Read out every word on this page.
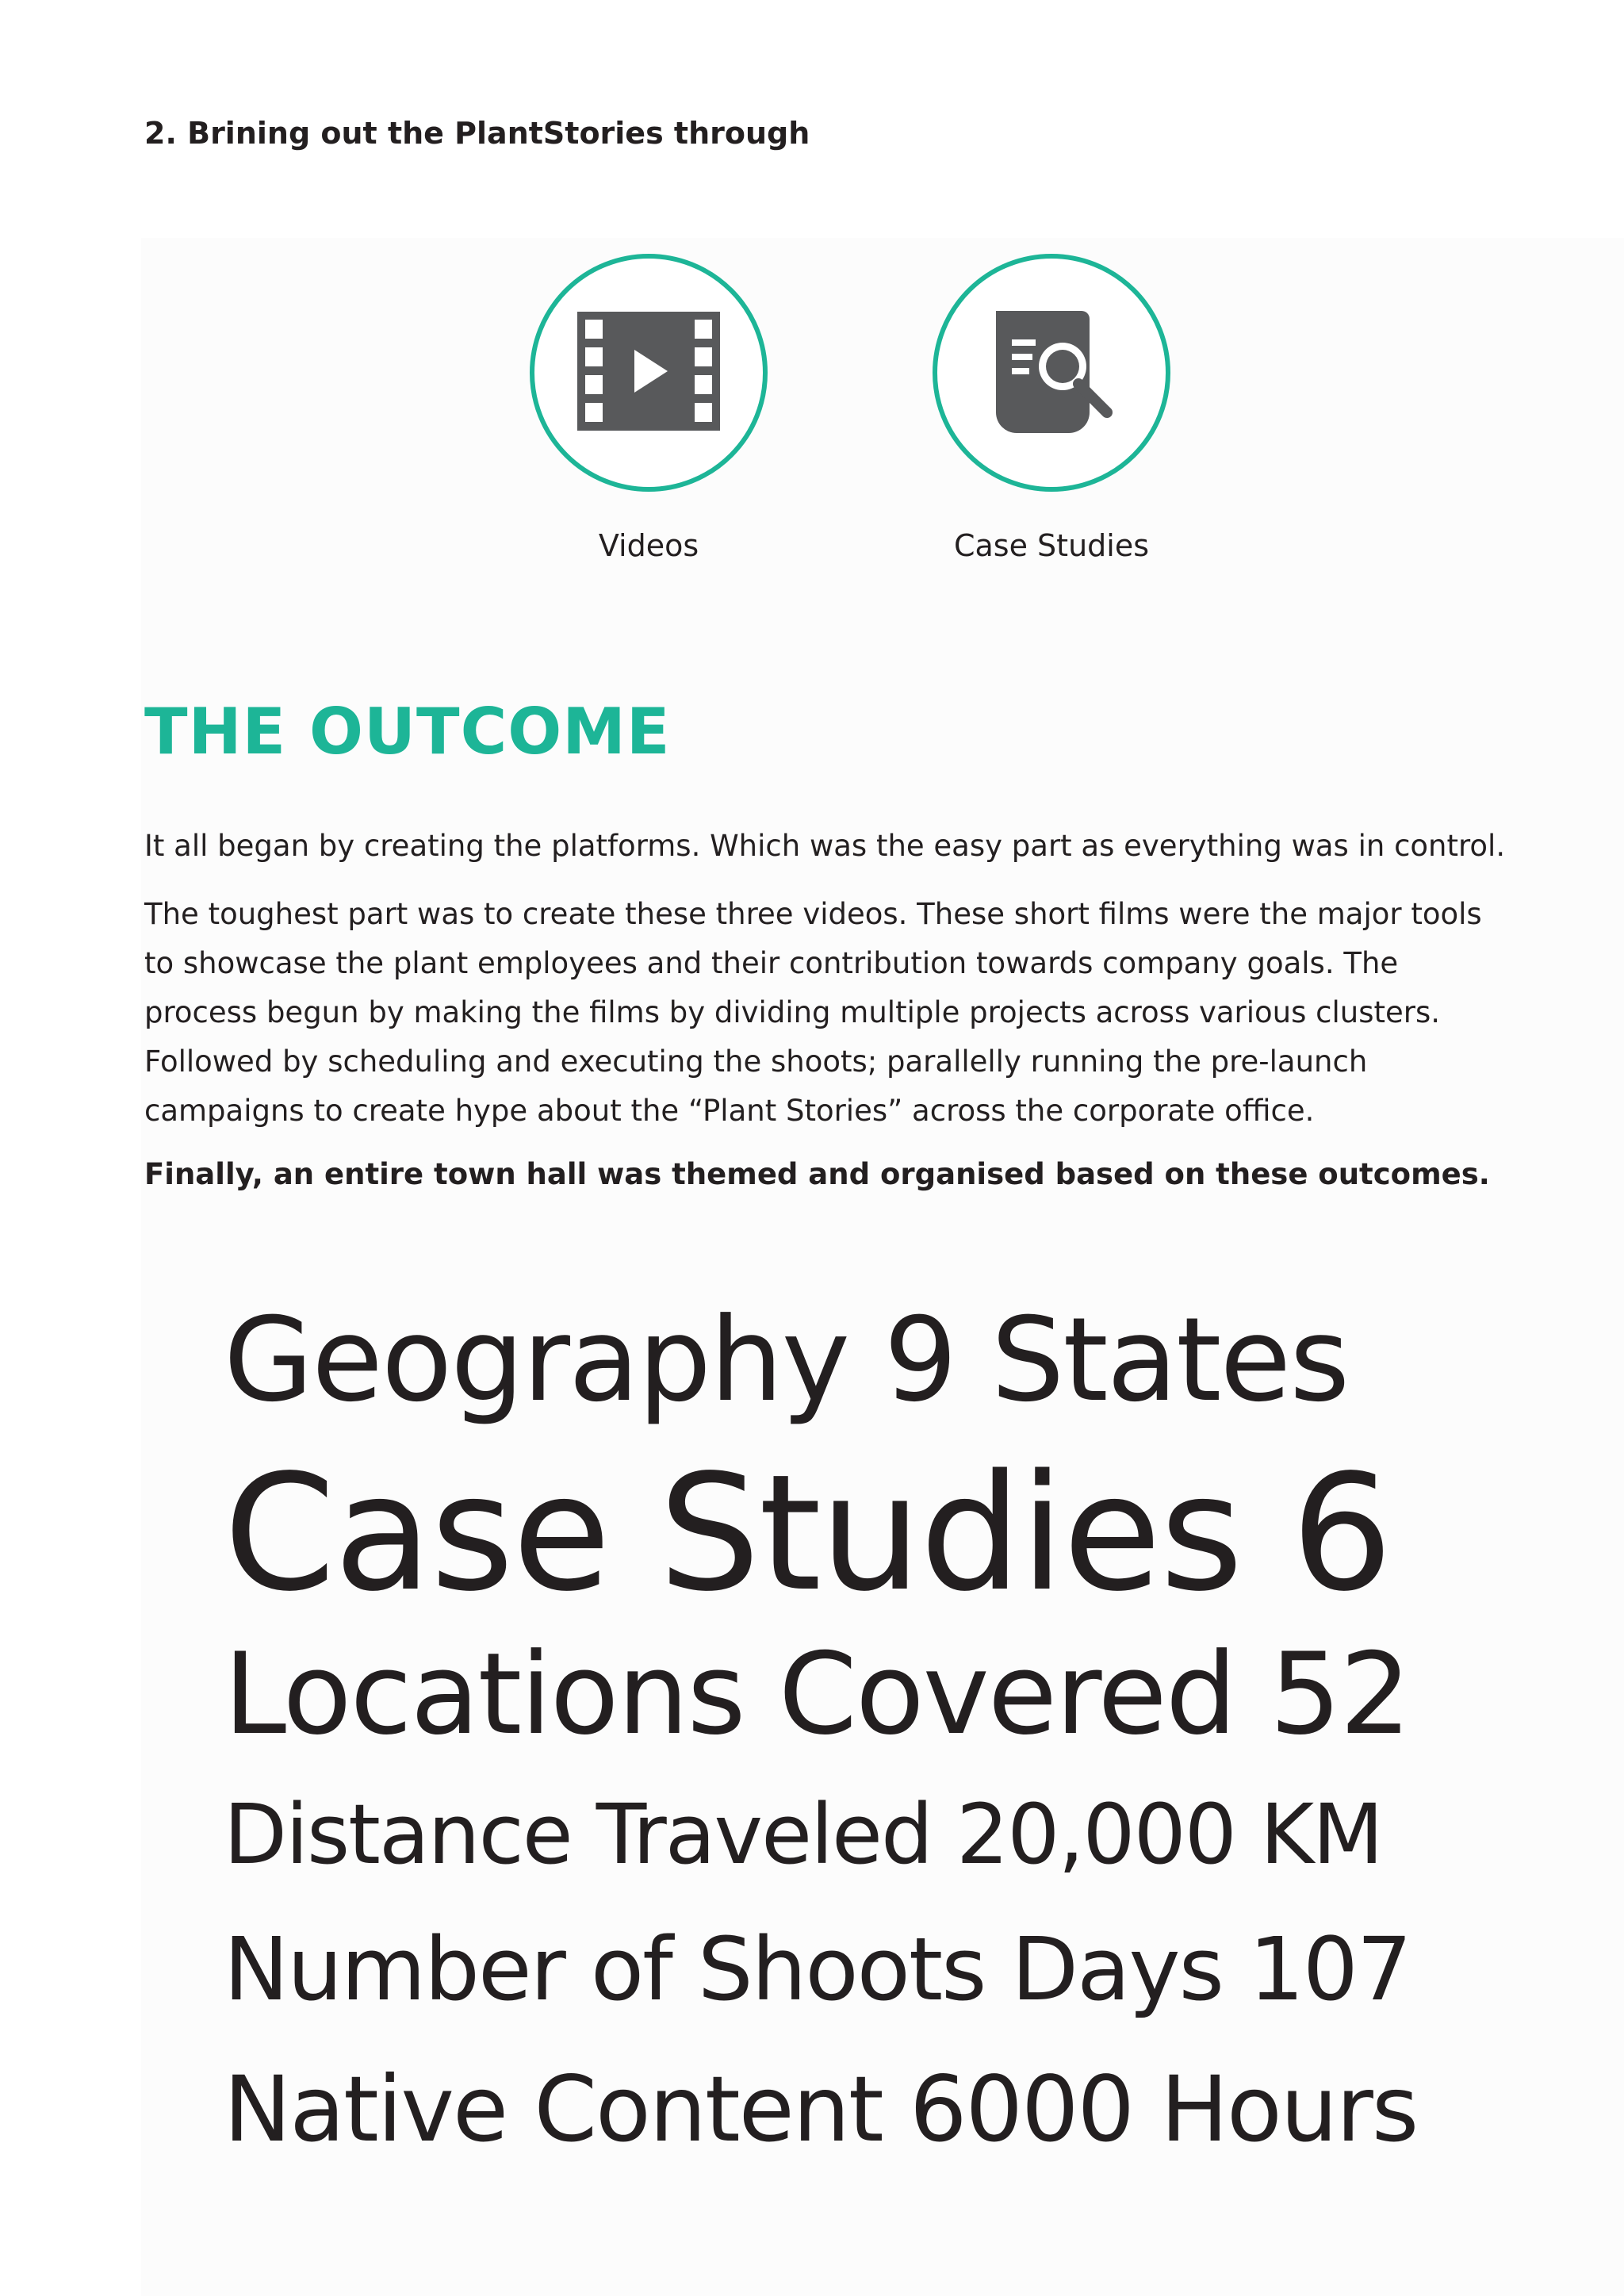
2. Brining out the PlantStories through
Videos	Case Studies
THE OUTCOME

It all began by creating the platforms. Which was the easy part as everything was in control.

The toughest part was to create these three videos. These short films were the major tools to showcase the plant employees and their contribution towards company goals. The process begun by making the films by dividing multiple projects across various clusters. Followed by scheduling and executing the shoots; parallelly running the pre-launch campaigns to create hype about the “Plant Stories” across the corporate office.

Finally, an entire town hall was themed and organised based on these outcomes.

Geography 9 States
Case Studies 6
Locations Covered 52
Distance Traveled 20,000 KM
Number of Shoots Days 107
Native Content 6000 Hours
